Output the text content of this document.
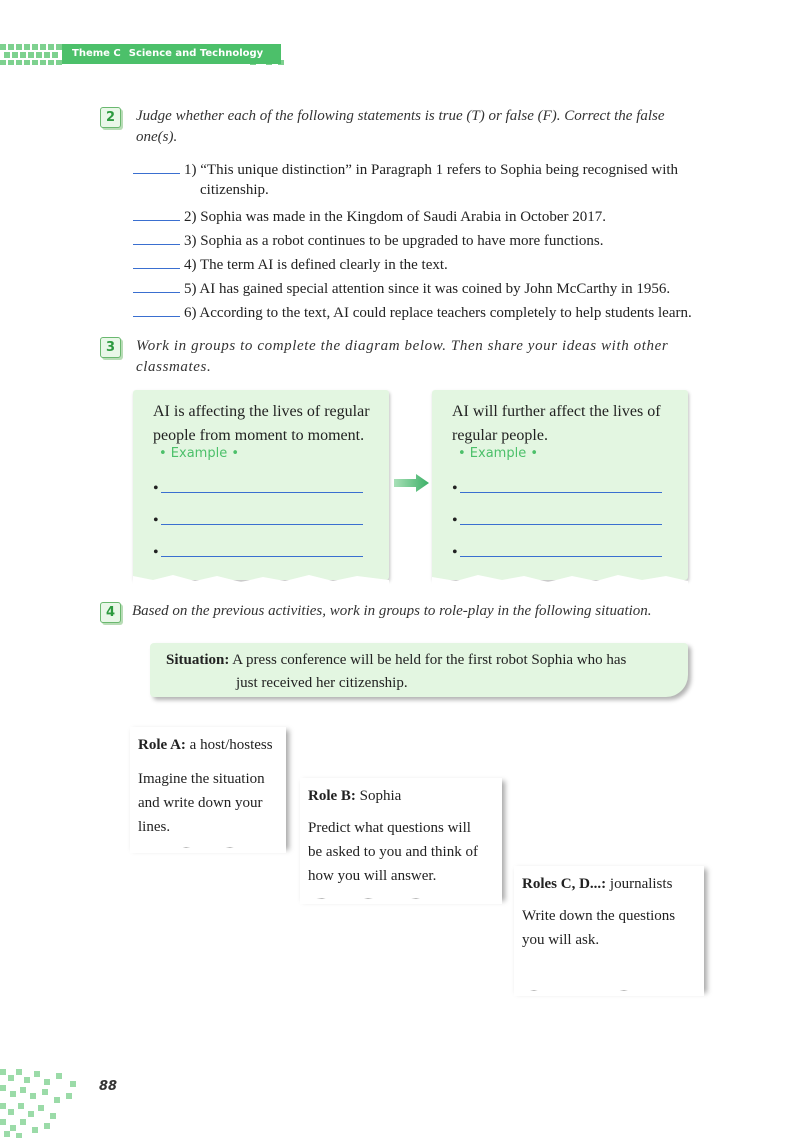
Theme C Science and Technology
2	Judge whether each of the following statements is true (T) or false (F). Correct the false
one(s).
1) “This unique distinction” in Paragraph 1 refers to Sophia being recognised with
citizenship.
2) Sophia was made in the Kingdom of Saudi Arabia in October 2017.
3) Sophia as a robot continues to be upgraded to have more functions.
4) The term AI is defined clearly in the text.
5) AI has gained special attention since it was coined by John McCarthy in 1956.
6) According to the text, AI could replace teachers completely to help students learn.
3	Work in groups to complete the diagram below. Then share your ideas with other
classmates.
AI is affecting the lives of regular
people from moment to moment.
• Example •
•
•
•
AI will further affect the lives of
regular people.
• Example •
•
•
•
4	Based on the previous activities, work in groups to role-play in the following situation.
Situation: A press conference will be held for the first robot Sophia who has
just received her citizenship.
Role A: a host/hostess
Imagine the situation
and write down your
lines.
Role B: Sophia
Predict what questions will
be asked to you and think of
how you will answer.	Roles C, D...: journalists
Write down the questions
you will ask.
88
